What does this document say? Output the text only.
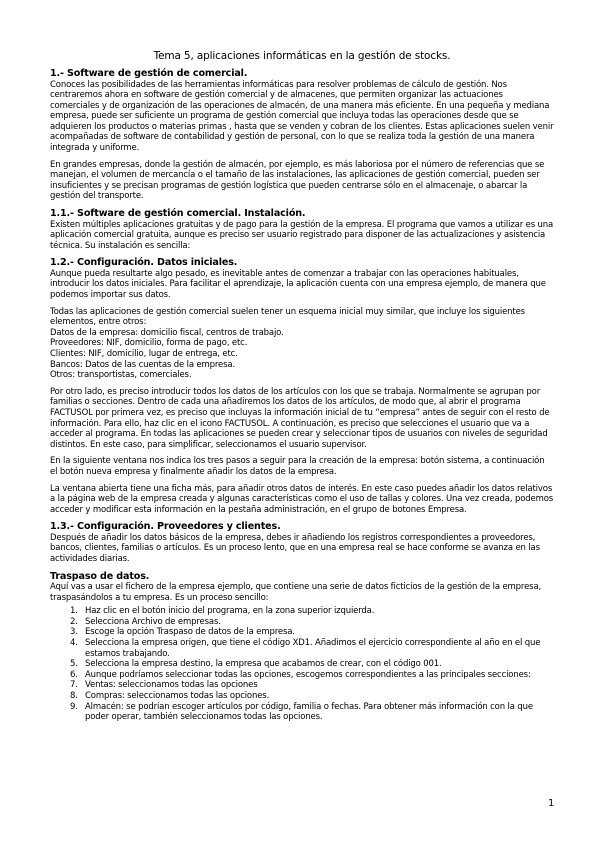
Tema 5, aplicaciones informáticas en la gestión de stocks.
1.- Software de gestión de comercial.

Conoces las posibilidades de las herramientas informáticas para resolver problemas de cálculo de gestión. Nos centraremos ahora en software de gestión comercial y de almacenes, que permiten organizar las actuaciones comerciales y de organización de las operaciones de almacén, de una manera más eficiente. En una pequeña y mediana empresa, puede ser suficiente un programa de gestión comercial que incluya todas las operaciones desde que se adquieren los productos o materias primas , hasta que se venden y cobran de los clientes. Estas aplicaciones suelen venir acompañadas de software de contabilidad y gestión de personal, con lo que se realiza toda la gestión de una manera integrada y uniforme.

En grandes empresas, donde la gestión de almacén, por ejemplo, es más laboriosa por el número de referencias que se manejan, el volumen de mercancía o el tamaño de las instalaciones, las aplicaciones de gestión comercial, pueden ser insuficientes y se precisan programas de gestión logística que pueden centrarse sólo en el almacenaje, o abarcar la gestión del transporte.

1.1.- Software de gestión comercial. Instalación.

Existen múltiples aplicaciones gratuitas y de pago para la gestión de la empresa. El programa que vamos a utilizar es una aplicación comercial gratuita, aunque es preciso ser usuario registrado para disponer de las actualizaciones y asistencia técnica. Su instalación es sencilla:

1.2.- Configuración. Datos iniciales.

Aunque pueda resultarte algo pesado, es inevitable antes de comenzar a trabajar con las operaciones habituales, introducir los datos iniciales. Para facilitar el aprendizaje, la aplicación cuenta con una empresa ejemplo, de manera que podemos importar sus datos.

Todas las aplicaciones de gestión comercial suelen tener un esquema inicial muy similar, que incluye los siguientes elementos, entre otros:

Datos de la empresa: domicilio fiscal, centros de trabajo.
Proveedores: NIF, domicilio, forma de pago, etc.
Clientes: NIF, domicilio, lugar de entrega, etc.
Bancos: Datos de las cuentas de la empresa.
Otros: transportistas, comerciales.

Por otro lado, es preciso introducir todos los datos de los artículos con los que se trabaja. Normalmente se agrupan por familias o secciones. Dentro de cada una añadiremos los datos de los artículos, de modo que, al abrir el programa FACTUSOL por primera vez, es preciso que incluyas la información inicial de tu “empresa” antes de seguir con el resto de información. Para ello, haz clic en el icono FACTUSOL. A continuación, es preciso que selecciones el usuario que va a acceder al programa. En todas las aplicaciones se pueden crear y seleccionar tipos de usuarios con niveles de seguridad distintos. En este caso, para simplificar, seleccionamos el usuario supervisor.

En la siguiente ventana nos indica los tres pasos a seguir para la creación de la empresa: botón sistema, a continuación el botón nueva empresa y finalmente añadir los datos de la empresa.

La ventana abierta tiene una ficha más, para añadir otros datos de interés. En este caso puedes añadir los datos relativos a la página web de la empresa creada y algunas características como el uso de tallas y colores. Una vez creada, podemos acceder y modificar esta información en la pestaña administración, en el grupo de botones Empresa.

1.3.- Configuración. Proveedores y clientes.

Después de añadir los datos básicos de la empresa, debes ir añadiendo los registros correspondientes a proveedores, bancos, clientes, familias o artículos. Es un proceso lento, que en una empresa real se hace conforme se avanza en las actividades diarias.

Traspaso de datos.

Aquí vas a usar el fichero de la empresa ejemplo, que contiene una serie de datos ficticios de la gestión de la empresa, traspasándolos a tu empresa. Es un proceso sencillo:

1. Haz clic en el botón inicio del programa, en la zona superior izquierda.
2. Selecciona Archivo de empresas.
3. Escoge la opción Traspaso de datos de la empresa.
4. Selecciona la empresa origen, que tiene el código XD1. Añadimos el ejercicio correspondiente al año en el que estamos trabajando.
5. Selecciona la empresa destino, la empresa que acabamos de crear, con el código 001.
6. Aunque podríamos seleccionar todas las opciones, escogemos correspondientes a las principales secciones:
7. Ventas: seleccionamos todas las opciones
8. Compras: seleccionamos todas las opciones.
9. Almacén: se podrían escoger artículos por código, familia o fechas. Para obtener más información con la que poder operar, también seleccionamos todas las opciones.
1
